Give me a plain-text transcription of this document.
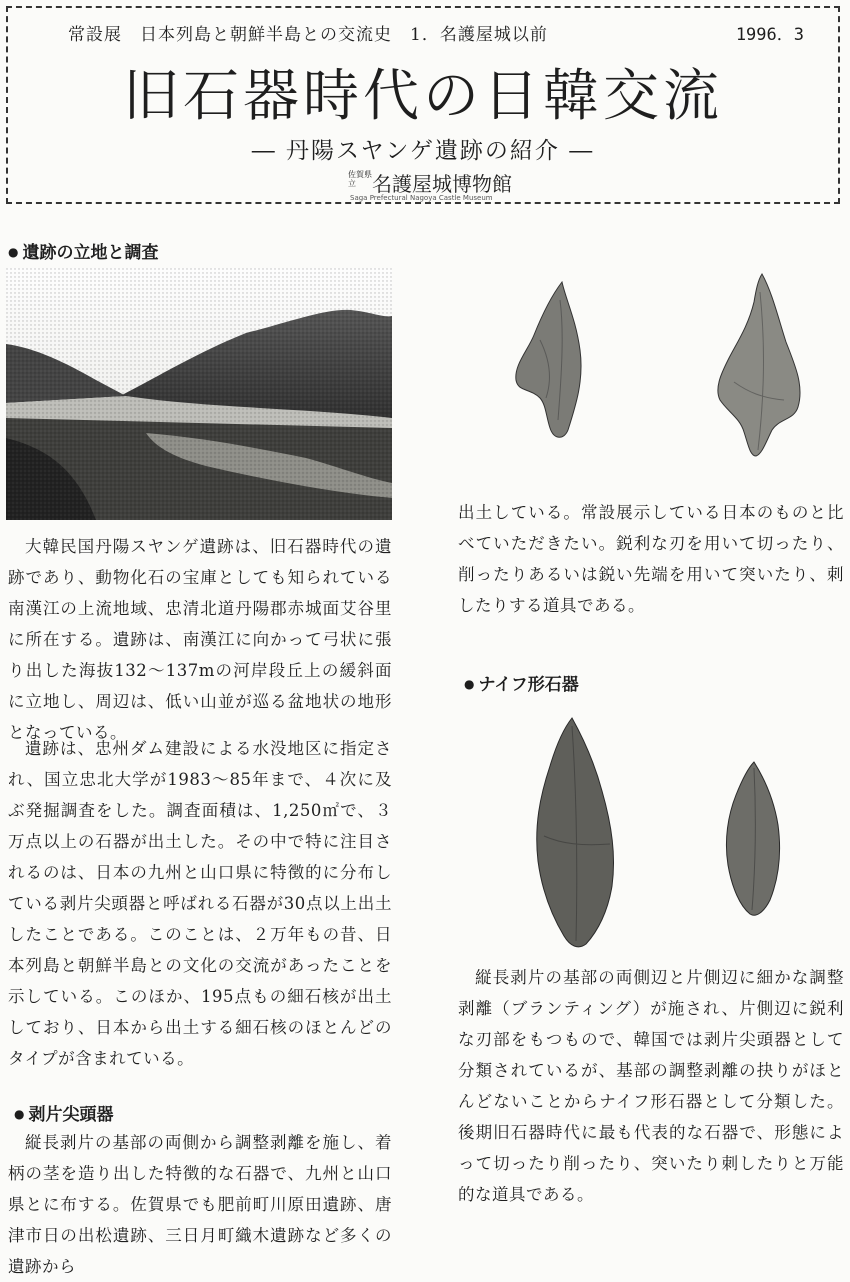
常設展　日本列島と朝鮮半島との交流史　1．名護屋城以前	1996．3
旧石器時代の日韓交流
― 丹陽スヤンゲ遺跡の紹介 ―
佐賀県立 名護屋城博物館
Saga Prefectural Nagoya Castle Museum
● 遺跡の立地と調査

大韓民国丹陽スヤンゲ遺跡は、旧石器時代の遺跡であり、動物化石の宝庫としても知られている南漢江の上流地域、忠清北道丹陽郡赤城面艾谷里に所在する。遺跡は、南漢江に向かって弓状に張り出した海抜132～137mの河岸段丘上の緩斜面に立地し、周辺は、低い山並が巡る盆地状の地形となっている。

遺跡は、忠州ダム建設による水没地区に指定され、国立忠北大学が1983～85年まで、４次に及ぶ発掘調査をした。調査面積は、1,250㎡で、３万点以上の石器が出土した。その中で特に注目されるのは、日本の九州と山口県に特徴的に分布している剥片尖頭器と呼ばれる石器が30点以上出土したことである。このことは、２万年もの昔、日本列島と朝鮮半島との文化の交流があったことを示している。このほか、195点もの細石核が出土しており、日本から出土する細石核のほとんどのタイプが含まれている。

● 剥片尖頭器

縦長剥片の基部の両側から調整剥離を施し、着柄の茎を造り出した特徴的な石器で、九州と山口県とに布する。佐賀県でも肥前町川原田遺跡、唐津市日の出松遺跡、三日月町織木遺跡など多くの遺跡から

出土している。常設展示している日本のものと比べていただきたい。鋭利な刃を用いて切ったり、削ったりあるいは鋭い先端を用いて突いたり、刺したりする道具である。

● ナイフ形石器

縦長剥片の基部の両側辺と片側辺に細かな調整剥離（ブランティング）が施され、片側辺に鋭利な刃部をもつもので、韓国では剥片尖頭器として分類されているが、基部の調整剥離の抉りがほとんどないことからナイフ形石器として分類した。後期旧石器時代に最も代表的な石器で、形態によって切ったり削ったり、突いたり刺したりと万能的な道具である。
